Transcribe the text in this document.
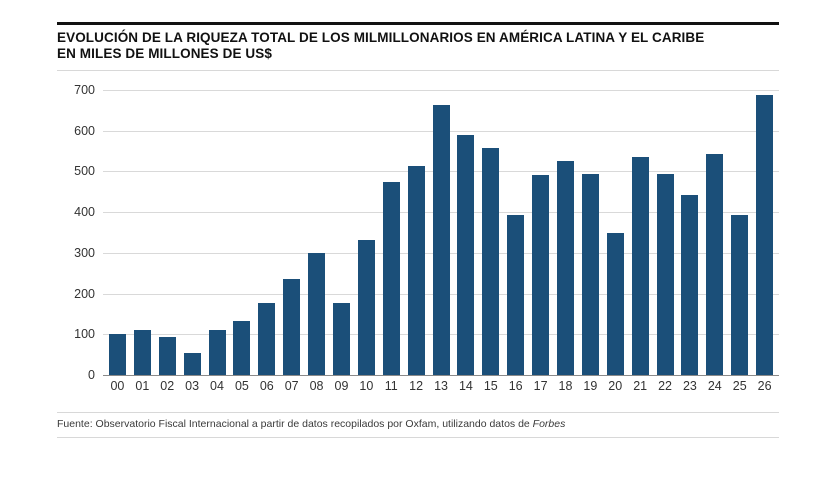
EVOLUCIÓN DE LA RIQUEZA TOTAL DE LOS MILMILLONARIOS EN AMÉRICA LATINA Y EL CARIBE
EN MILES DE MILLONES DE US$
0
100
200
300
400
500
600
700
00 01 02 03 04 05 06 07 08 09 10 11 12 13 14 15 16 17 18 19 20 21 22 23 24 25 26
Fuente: Observatorio Fiscal Internacional a partir de datos recopilados por Oxfam, utilizando datos de Forbes
